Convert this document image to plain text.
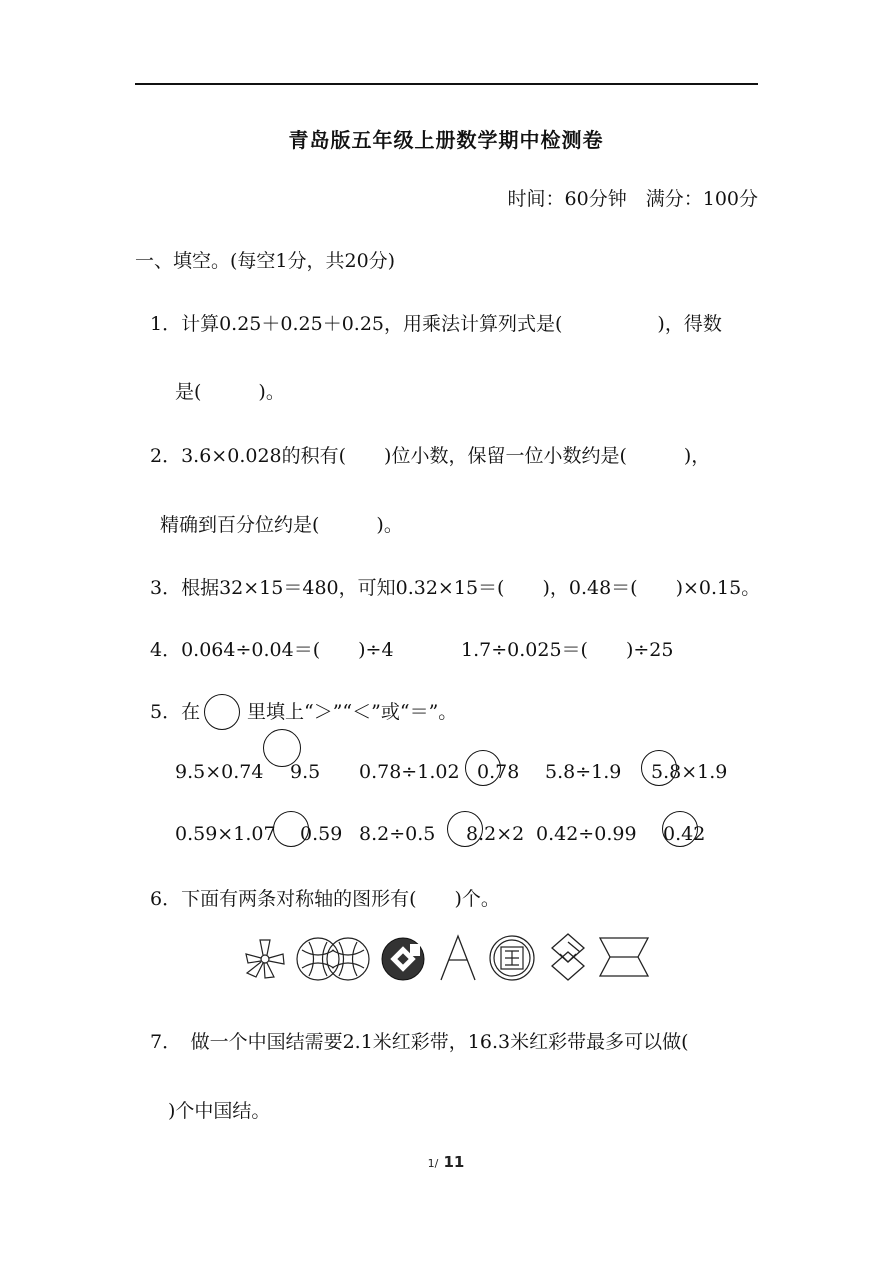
青岛版五年级上册数学期中检测卷
时间：60分钟　满分：100分
一、填空。(每空1分，共20分)
1．计算0.25＋0.25＋0.25，用乘法计算列式是(　　　　　)，得数
是(　　　)。
2．3.6×0.028的积有(　　)位小数，保留一位小数约是(　　　)，
精确到百分位约是(　　　)。
3．根据32×15＝480，可知0.32×15＝(　　)，0.48＝(　　)×0.15。
4．0.064÷0.04＝(　　)÷4	1.7÷0.025＝(　　)÷25
5．在 里填上“＞”“＜”或“＝”。
9.5×0.74 9.5 0.78÷1.02 0.78 5.8÷1.9 5.8×1.9
0.59×1.07 0.59 8.2÷0.5 8.2×2 0.42÷0.99 0.42
6．下面有两条对称轴的图形有(　　)个。
7．　做一个中国结需要2.1米红彩带，16.3米红彩带最多可以做(
)个中国结。
1/ 11
